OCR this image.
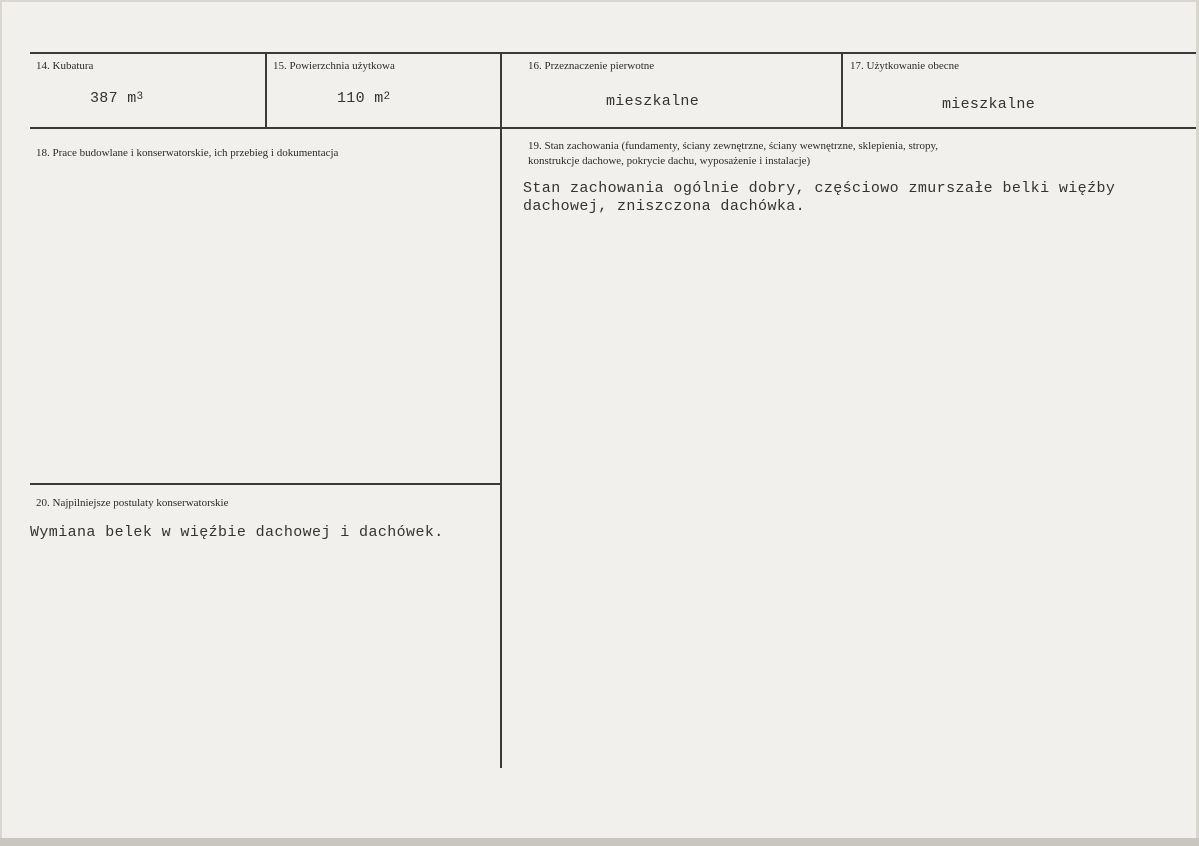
14. Kubatura
387 $m^3$
15. Powierzchnia użytkowa
110 $m^2$
16. Przeznaczenie pierwotne
mieszkalne
17. Użytkowanie obecne
mieszkalne
18. Prace budowlane i konserwatorskie, ich przebieg i dokumentacja
19. Stan zachowania (fundamenty, ściany zewnętrzne, ściany wewnętrzne, sklepienia, stropy,
konstrukcje dachowe, pokrycie dachu, wyposażenie i instalacje)
Stan zachowania ogólnie dobry, częściowo zmurszałe belki więźby
dachowej, zniszczona dachówka.
20. Najpilniejsze postulaty konserwatorskie
Wymiana belek w więźbie dachowej i dachówek.
